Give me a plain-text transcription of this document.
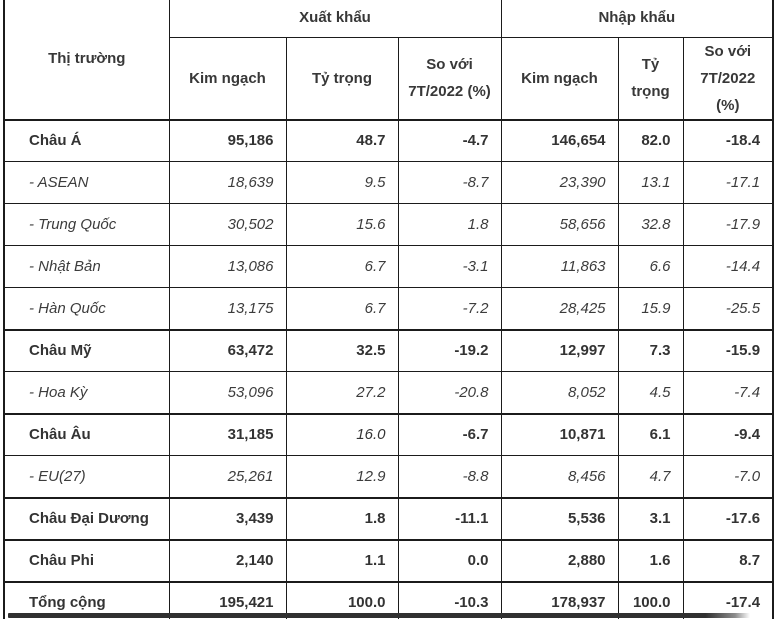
Thị trường	Xuất khẩu			Nhập khẩu		
	Kim ngạch	Tỷ trọng	So với 7T/2022 (%)	Kim ngạch	Tỷ trọng	So với 7T/2022 (%)
Châu Á	95,186	48.7	-4.7	146,654	82.0	-18.4
- ASEAN	18,639	9.5	-8.7	23,390	13.1	-17.1
- Trung Quốc	30,502	15.6	1.8	58,656	32.8	-17.9
- Nhật Bản	13,086	6.7	-3.1	11,863	6.6	-14.4
- Hàn Quốc	13,175	6.7	-7.2	28,425	15.9	-25.5
Châu Mỹ	63,472	32.5	-19.2	12,997	7.3	-15.9
- Hoa Kỳ	53,096	27.2	-20.8	8,052	4.5	-7.4
Châu Âu	31,185	16.0	-6.7	10,871	6.1	-9.4
- EU(27)	25,261	12.9	-8.8	8,456	4.7	-7.0
Châu Đại Dương	3,439	1.8	-11.1	5,536	3.1	-17.6
Châu Phi	2,140	1.1	0.0	2,880	1.6	8.7
Tổng cộng	195,421	100.0	-10.3	178,937	100.0	-17.4
